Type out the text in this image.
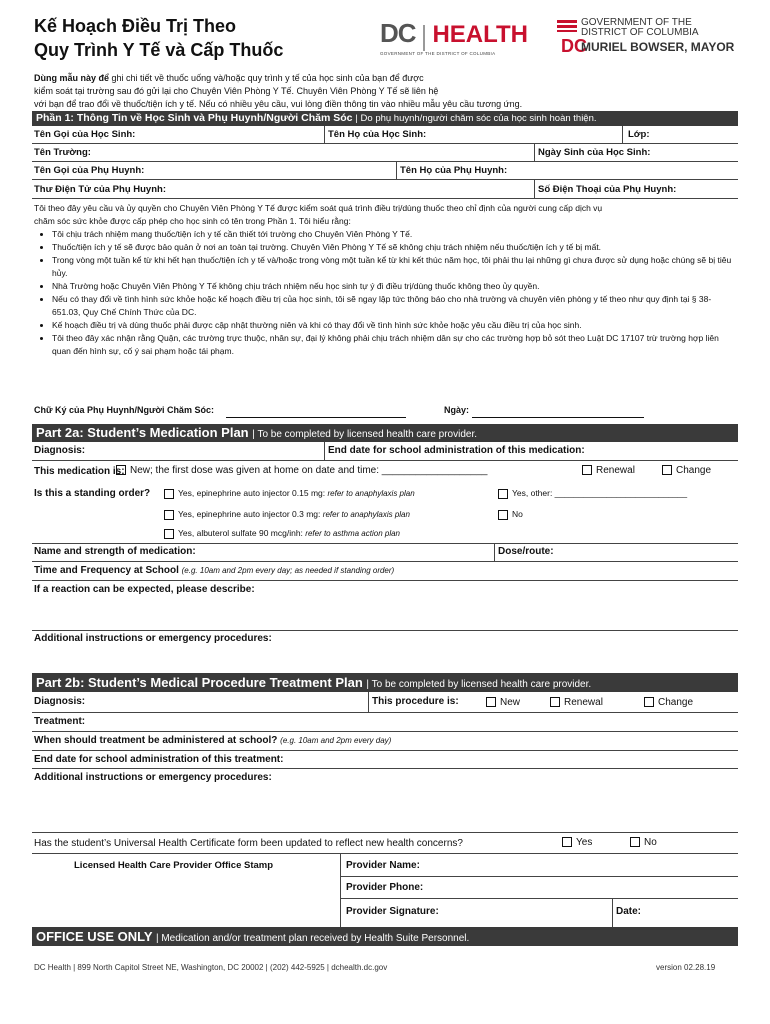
Kế Hoạch Điều Trị Theo
Quy Trình Y Tế và Cấp Thuốc
DC HEALTH
GOVERNMENT OF THE DISTRICT OF COLUMBIA	DC
GOVERNMENT OF THE
DISTRICT OF COLUMBIA
MURIEL BOWSER, MAYOR
Dùng mẫu này để ghi chi tiết về thuốc uống và/hoặc quy trình y tế của học sinh của bạn để được
kiểm soát tại trường sau đó gửi lại cho Chuyên Viên Phòng Y Tế. Chuyên Viên Phòng Y Tế sẽ liên hệ
với bạn để trao đổi về thuốc/tiện ích y tế. Nếu có nhiều yêu cầu, vui lòng điền thông tin vào nhiều mẫu yêu cầu tương ứng.
Phần 1: Thông Tin về Học Sinh và Phụ Huynh/Người Chăm Sóc | Do phụ huynh/người chăm sóc của học sinh hoàn thiện.
Tên Gọi của Học Sinh:	Tên Họ của Học Sinh:	Lớp:
Tên Trường:	Ngày Sinh của Học Sinh:
Tên Gọi của Phụ Huynh:	Tên Họ của Phụ Huynh:
Thư Điện Tử của Phụ Huynh:	Số Điện Thoại của Phụ Huynh:
Tôi theo đây yêu cầu và ủy quyền cho Chuyên Viên Phòng Y Tế được kiểm soát quá trình điều trị/dùng thuốc theo chỉ định của người cung cấp dịch vụ
chăm sóc sức khỏe được cấp phép cho học sinh có tên trong Phần 1. Tôi hiểu rằng:
• Tôi chịu trách nhiệm mang thuốc/tiện ích y tế cần thiết tới trường cho Chuyên Viên Phòng Y Tế.
• Thuốc/tiện ích y tế sẽ được bảo quản ở nơi an toàn tại trường. Chuyên Viên Phòng Y Tế sẽ không chịu trách nhiệm nếu thuốc/tiện ích y tế bị mất.
• Trong vòng một tuần kể từ khi hết hạn thuốc/tiện ích y tế và/hoặc trong vòng một tuần kể từ khi kết thúc năm học, tôi phải thu lại những gì chưa được sử dụng hoặc chúng sẽ bị tiêu hủy.
• Nhà Trường hoặc Chuyên Viên Phòng Y Tế không chịu trách nhiệm nếu học sinh tự ý đi điều trị/dùng thuốc không theo ủy quyền.
• Nếu có thay đổi về tình hình sức khỏe hoặc kế hoạch điều trị của học sinh, tôi sẽ ngay lập tức thông báo cho nhà trường và chuyên viên phòng y tế theo như quy định tại § 38-651.03, Quy Chế Chính Thức của DC.
• Kế hoạch điều trị và dùng thuốc phải được cập nhật thường niên và khi có thay đổi về tình hình sức khỏe hoặc yêu cầu điều trị của học sinh.
• Tôi theo đây xác nhận rằng Quận, các trường trực thuộc, nhân sự, đại lý không phải chịu trách nhiệm dân sự cho các trường hợp bỏ sót theo Luật DC 17107 trừ trường hợp liên quan đến hình sự, cố ý sai phạm hoặc tái phạm.
Chữ Ký của Phụ Huynh/Người Chăm Sóc:	Ngày:
Part 2a: Student’s Medication Plan | To be completed by licensed health care provider.
Diagnosis:	End date for school administration of this medication:
This medication is: New; the first dose was given at home on date and time: ___________________	Renewal	Change
Is this a standing order?	Yes, epinephrine auto injector 0.15 mg: refer to anaphylaxis plan
Yes, epinephrine auto injector 0.3 mg: refer to anaphylaxis plan
Yes, albuterol sulfate 90 mcg/inh: refer to asthma action plan
Yes, other: ____________________________
No
Name and strength of medication:	Dose/route:
Time and Frequency at School (e.g. 10am and 2pm every day; as needed if standing order)
If a reaction can be expected, please describe:
Additional instructions or emergency procedures:
Part 2b: Student’s Medical Procedure Treatment Plan | To be completed by licensed health care provider.
Diagnosis:	This procedure is:	New	Renewal	Change
Treatment:
When should treatment be administered at school? (e.g. 10am and 2pm every day)
End date for school administration of this treatment:
Additional instructions or emergency procedures:
Has the student’s Universal Health Certificate form been updated to reflect new health concerns?	Yes	No
Licensed Health Care Provider Office Stamp	Provider Name:
Provider Phone:
Provider Signature:	Date:
OFFICE USE ONLY | Medication and/or treatment plan received by Health Suite Personnel.
DC Health | 899 North Capitol Street NE, Washington, DC 20002 | (202) 442-5925 | dchealth.dc.gov	version 02.28.19
